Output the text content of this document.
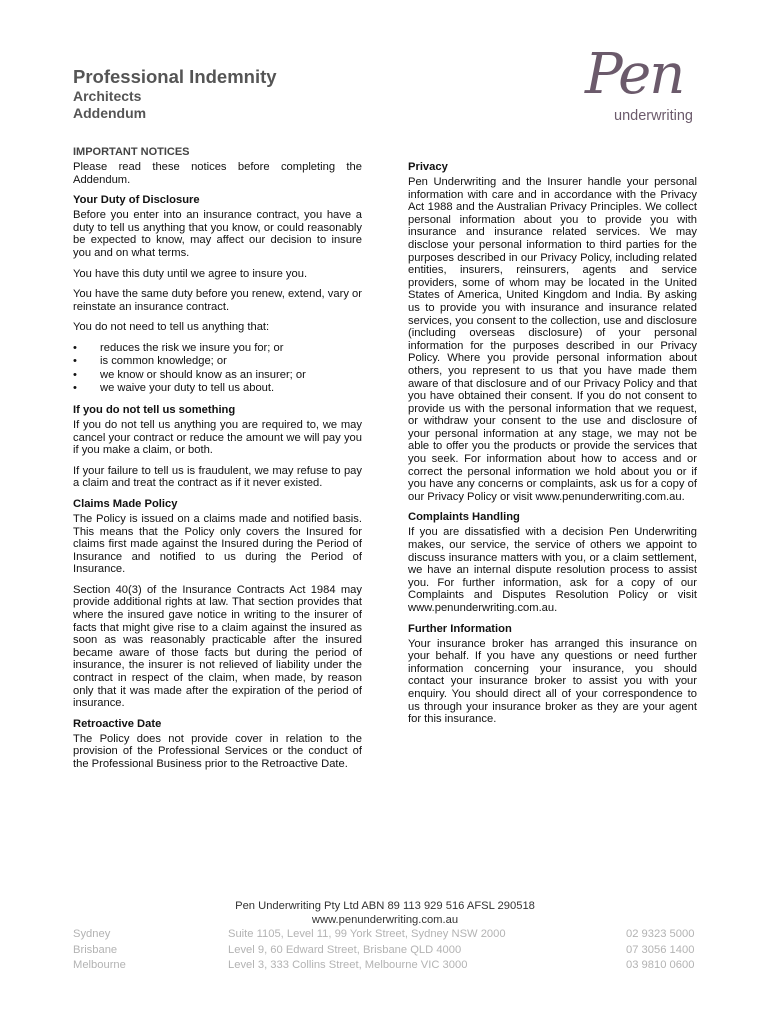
Professional Indemnity
Architects
Addendum
Pen
underwriting
IMPORTANT NOTICES

Please read these notices before completing the Addendum.

Your Duty of Disclosure

Before you enter into an insurance contract, you have a duty to tell us anything that you know, or could reasonably be expected to know, may affect our decision to insure you and on what terms.

You have this duty until we agree to insure you.

You have the same duty before you renew, extend, vary or reinstate an insurance contract.

You do not need to tell us anything that:

• reduces the risk we insure you for; or
• is common knowledge; or
• we know or should know as an insurer; or
• we waive your duty to tell us about.
If you do not tell us something

If you do not tell us anything you are required to, we may cancel your contract or reduce the amount we will pay you if you make a claim, or both.

If your failure to tell us is fraudulent, we may refuse to pay a claim and treat the contract as if it never existed.

Claims Made Policy

The Policy is issued on a claims made and notified basis. This means that the Policy only covers the Insured for claims first made against the Insured during the Period of Insurance and notified to us during the Period of Insurance.

Section 40(3) of the Insurance Contracts Act 1984 may provide additional rights at law. That section provides that where the insured gave notice in writing to the insurer of facts that might give rise to a claim against the insured as soon as was reasonably practicable after the insured became aware of those facts but during the period of insurance, the insurer is not relieved of liability under the contract in respect of the claim, when made, by reason only that it was made after the expiration of the period of insurance.

Retroactive Date

The Policy does not provide cover in relation to the provision of the Professional Services or the conduct of the Professional Business prior to the Retroactive Date.

Privacy

Pen Underwriting and the Insurer handle your personal information with care and in accordance with the Privacy Act 1988 and the Australian Privacy Principles. We collect personal information about you to provide you with insurance and insurance related services. We may disclose your personal information to third parties for the purposes described in our Privacy Policy, including related entities, insurers, reinsurers, agents and service providers, some of whom may be located in the United States of America, United Kingdom and India. By asking us to provide you with insurance and insurance related services, you consent to the collection, use and disclosure (including overseas disclosure) of your personal information for the purposes described in our Privacy Policy. Where you provide personal information about others, you represent to us that you have made them aware of that disclosure and of our Privacy Policy and that you have obtained their consent. If you do not consent to provide us with the personal information that we request, or withdraw your consent to the use and disclosure of your personal information at any stage, we may not be able to offer you the products or provide the services that you seek. For information about how to access and or correct the personal information we hold about you or if you have any concerns or complaints, ask us for a copy of our Privacy Policy or visit www.penunderwriting.com.au.

Complaints Handling

If you are dissatisfied with a decision Pen Underwriting makes, our service, the service of others we appoint to discuss insurance matters with you, or a claim settlement, we have an internal dispute resolution process to assist you. For further information, ask for a copy of our Complaints and Disputes Resolution Policy or visit www.penunderwriting.com.au.

Further Information

Your insurance broker has arranged this insurance on your behalf. If you have any questions or need further information concerning your insurance, you should contact your insurance broker to assist you with your enquiry. You should direct all of your correspondence to us through your insurance broker as they are your agent for this insurance.

Pen Underwriting Pty Ltd ABN 89 113 929 516 AFSL 290518
www.penunderwriting.com.au
Sydney
Brisbane
Melbourne
Suite 1105, Level 11, 99 York Street, Sydney NSW 2000
Level 9, 60 Edward Street, Brisbane QLD 4000
Level 3, 333 Collins Street, Melbourne VIC 3000
02 9323 5000
07 3056 1400
03 9810 0600
